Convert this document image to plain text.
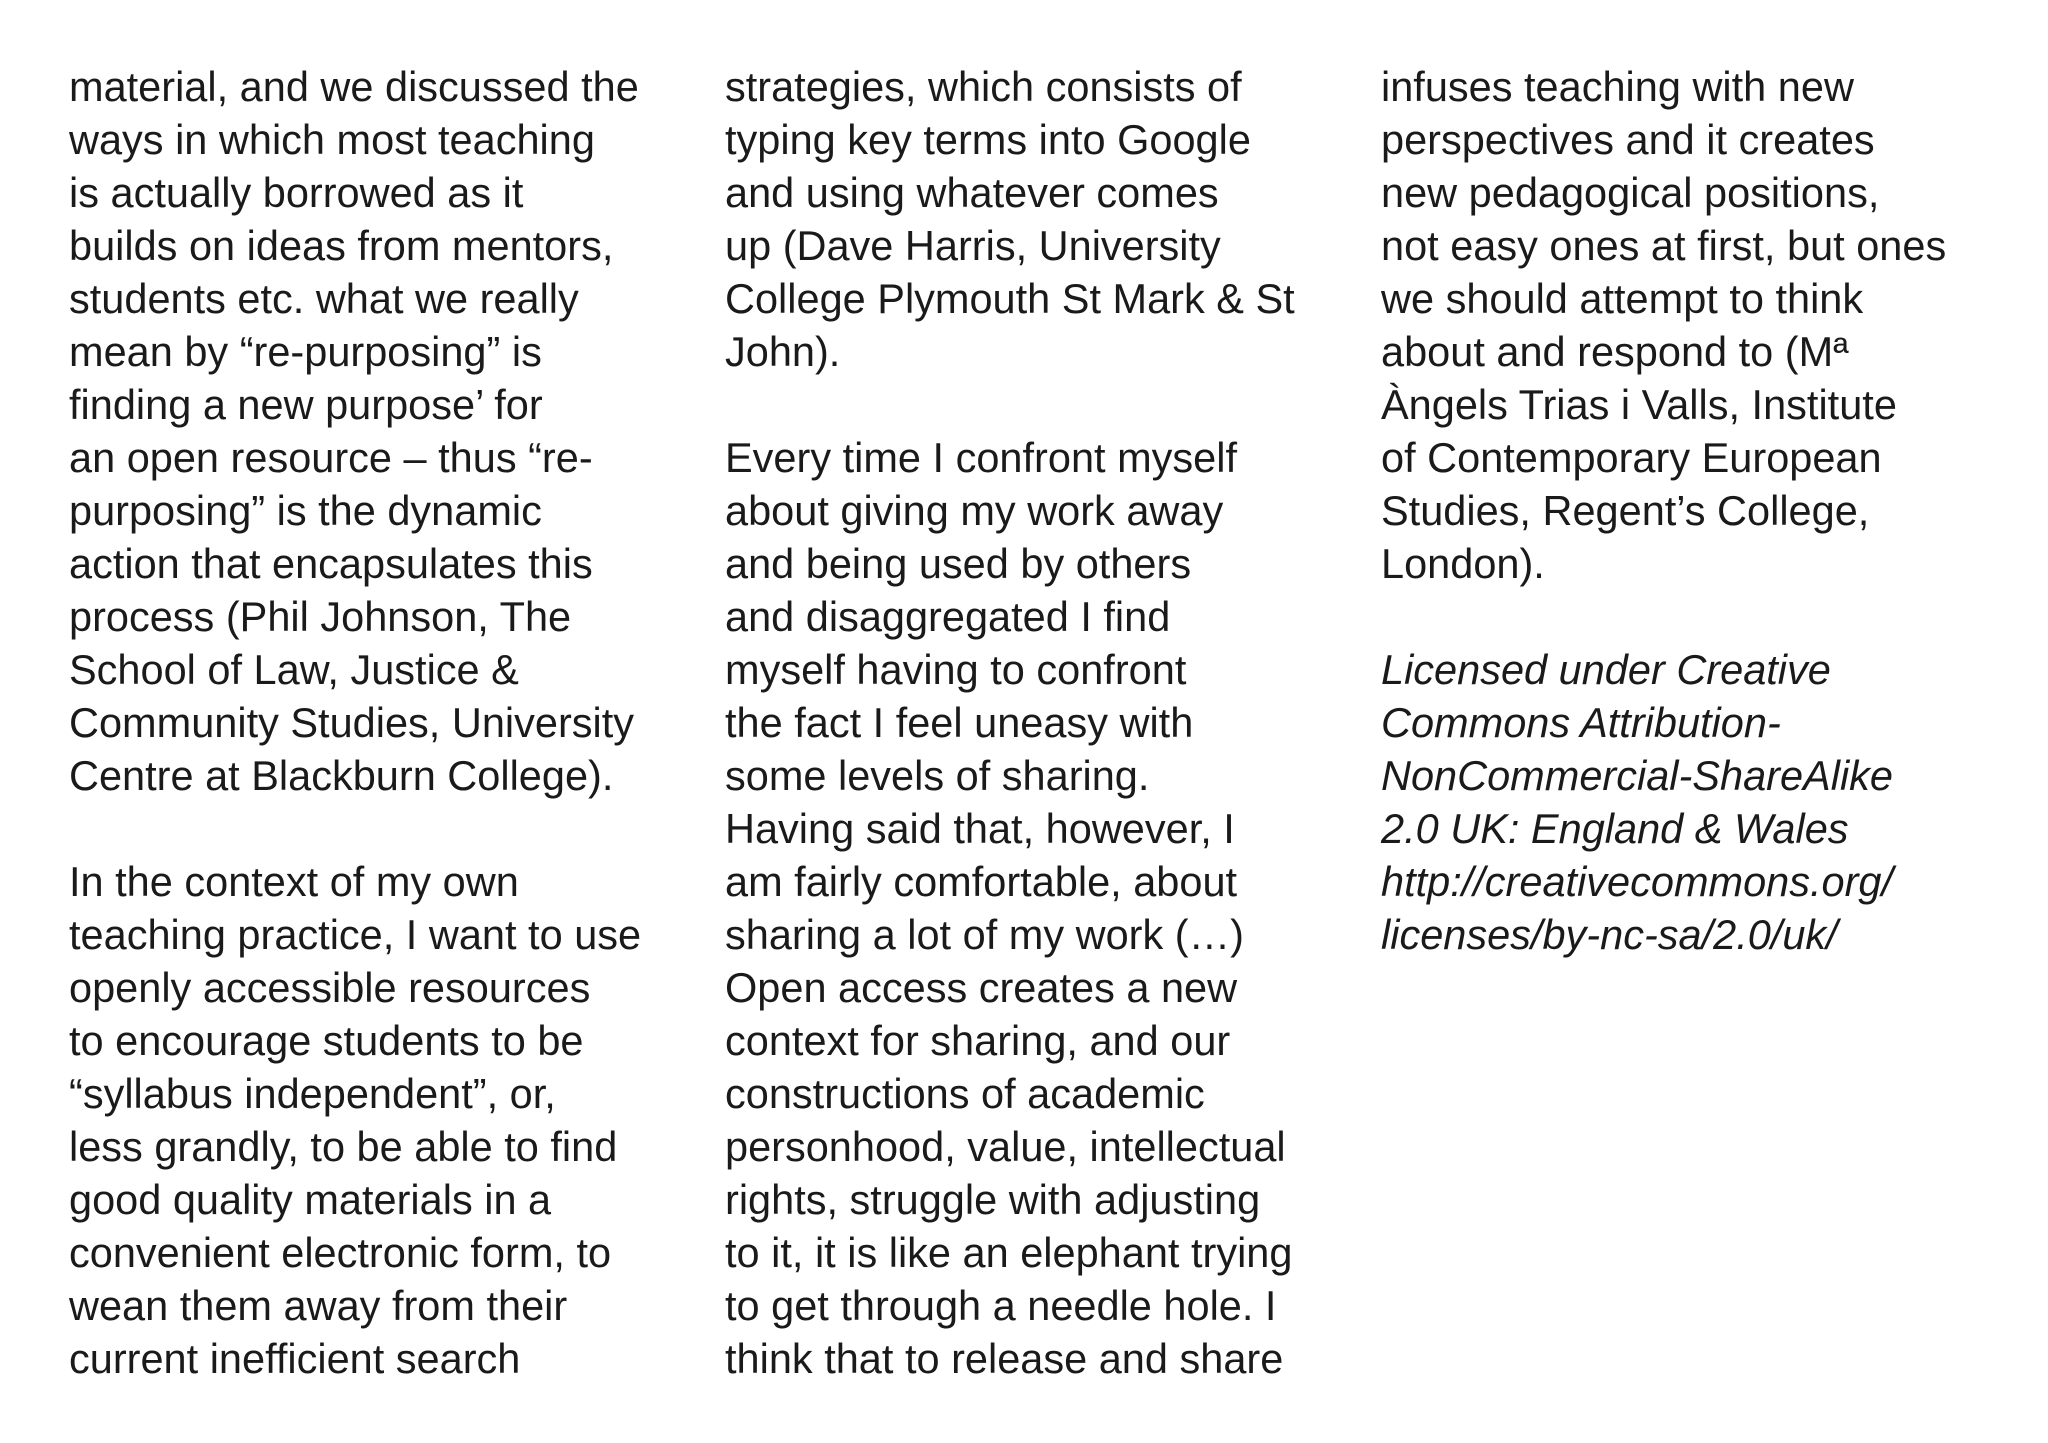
material, and we discussed the
ways in which most teaching
is actually borrowed as it
builds on ideas from mentors,
students etc. what we really
mean by “re-purposing” is
finding a new purpose’ for
an open resource – thus “re-
purposing” is the dynamic
action that encapsulates this
process (Phil Johnson, The
School of Law, Justice &
Community Studies, University
Centre at Blackburn College).
In the context of my own
teaching practice, I want to use
openly accessible resources
to encourage students to be
“syllabus independent”, or,
less grandly, to be able to find
good quality materials in a
convenient electronic form, to
wean them away from their
current inefficient search
strategies, which consists of
typing key terms into Google
and using whatever comes
up (Dave Harris, University
College Plymouth St Mark & St
John).
Every time I confront myself
about giving my work away
and being used by others
and disaggregated I find
myself having to confront
the fact I feel uneasy with
some levels of sharing.
Having said that, however, I
am fairly comfortable, about
sharing a lot of my work (…)
Open access creates a new
context for sharing, and our
constructions of academic
personhood, value, intellectual
rights, struggle with adjusting
to it, it is like an elephant trying
to get through a needle hole. I
think that to release and share
infuses teaching with new
perspectives and it creates
new pedagogical positions,
not easy ones at first, but ones
we should attempt to think
about and respond to (Mª
Àngels Trias i Valls, Institute
of Contemporary European
Studies, Regent’s College,
London).
Licensed under Creative
Commons Attribution-
NonCommercial-ShareAlike
2.0 UK: England & Wales
http://creativecommons.org/
licenses/by-nc-sa/2.0/uk/
